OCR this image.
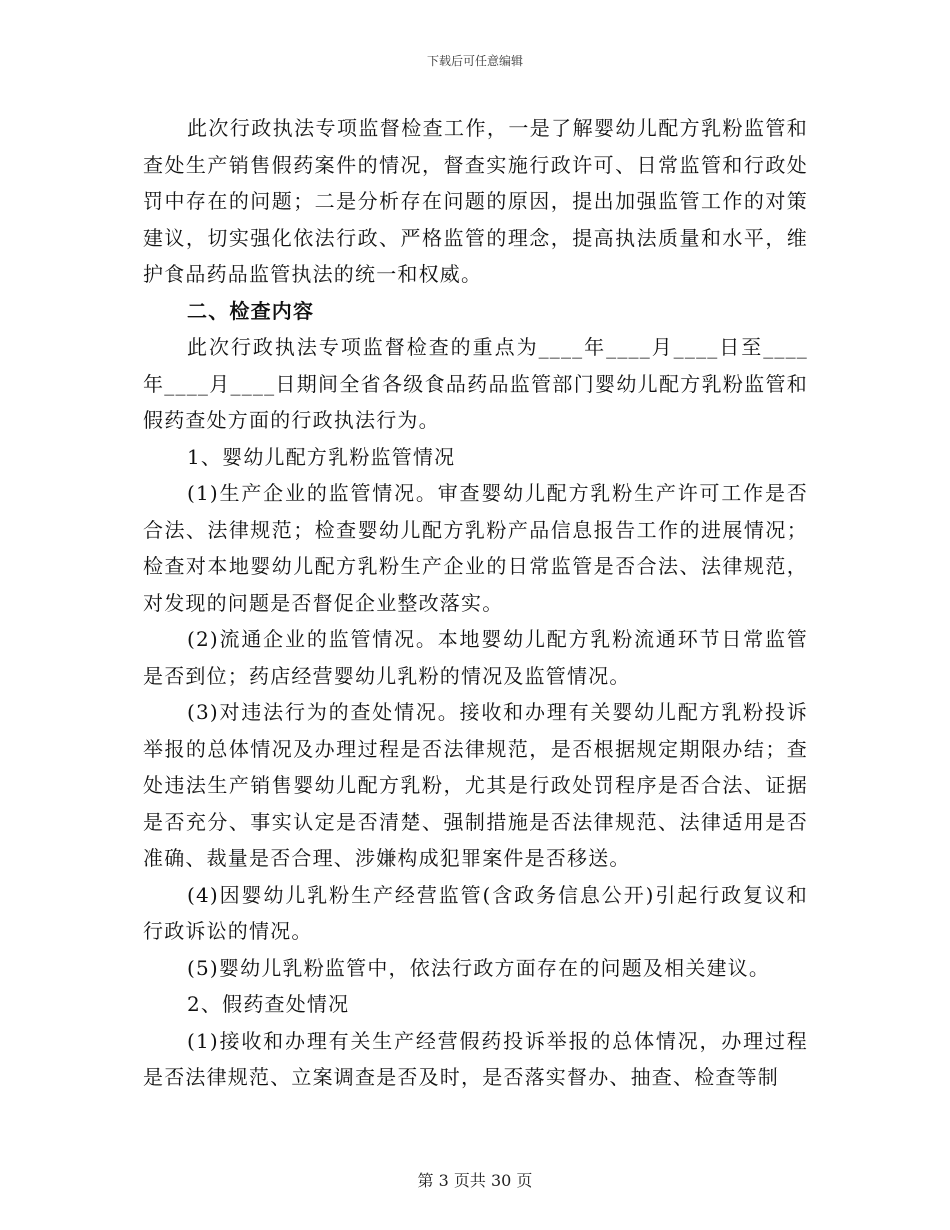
下载后可任意编辑

此次行政执法专项监督检查工作，一是了解婴幼儿配方乳粉监管和查处生产销售假药案件的情况，督查实施行政许可、日常监管和行政处罚中存在的问题；二是分析存在问题的原因，提出加强监管工作的对策建议，切实强化依法行政、严格监管的理念，提高执法质量和水平，维护食品药品监管执法的统一和权威。

二、检查内容

此次行政执法专项监督检查的重点为____年____月____日至____年____月____日期间全省各级食品药品监管部门婴幼儿配方乳粉监管和假药查处方面的行政执法行为。

1、婴幼儿配方乳粉监管情况

(1)生产企业的监管情况。审查婴幼儿配方乳粉生产许可工作是否合法、法律规范；检查婴幼儿配方乳粉产品信息报告工作的进展情况；检查对本地婴幼儿配方乳粉生产企业的日常监管是否合法、法律规范，对发现的问题是否督促企业整改落实。

(2)流通企业的监管情况。本地婴幼儿配方乳粉流通环节日常监管是否到位；药店经营婴幼儿乳粉的情况及监管情况。

(3)对违法行为的查处情况。接收和办理有关婴幼儿配方乳粉投诉举报的总体情况及办理过程是否法律规范，是否根据规定期限办结；查处违法生产销售婴幼儿配方乳粉，尤其是行政处罚程序是否合法、证据是否充分、事实认定是否清楚、强制措施是否法律规范、法律适用是否准确、裁量是否合理、涉嫌构成犯罪案件是否移送。

(4)因婴幼儿乳粉生产经营监管(含政务信息公开)引起行政复议和行政诉讼的情况。

(5)婴幼儿乳粉监管中，依法行政方面存在的问题及相关建议。

2、假药查处情况

(1)接收和办理有关生产经营假药投诉举报的总体情况，办理过程是否法律规范、立案调查是否及时，是否落实督办、抽查、检查等制

第 3 页共 30 页
